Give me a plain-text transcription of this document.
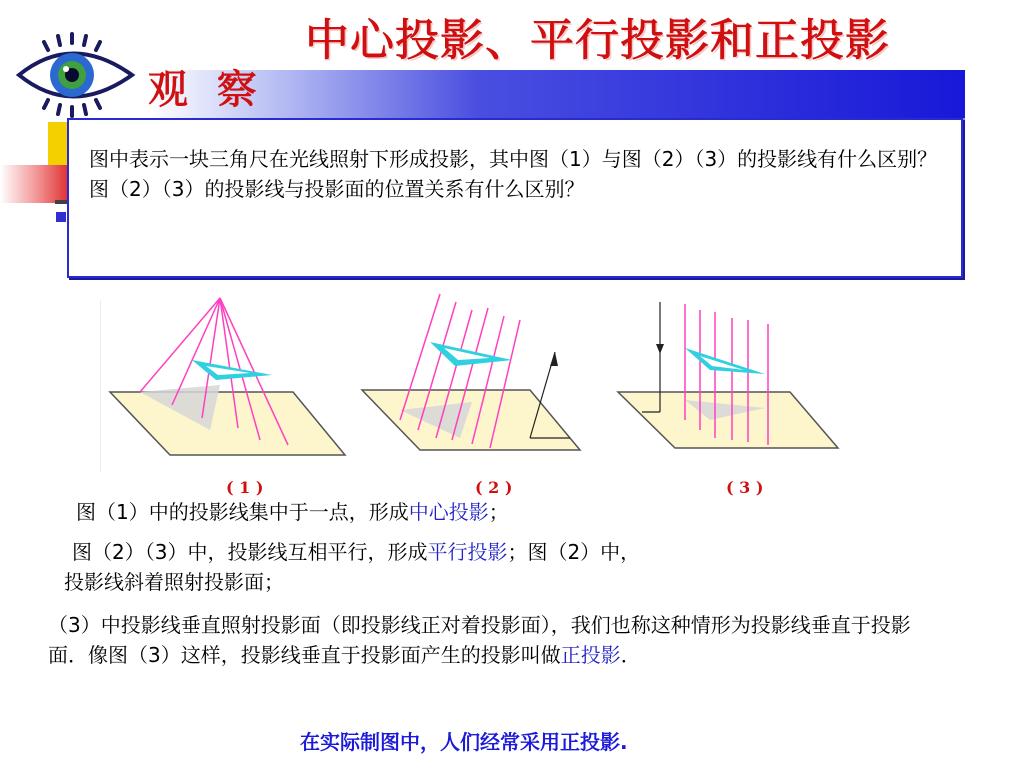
中心投影、平行投影和正投影
观 察
图中表示一块三角尺在光线照射下形成投影，其中图（1）与图（2）（3）的投影线有什么区别？图（2）（3）的投影线与投影面的位置关系有什么区别？
( 1 )	( 2 )	( 3 )
图（1）中的投影线集中于一点，形成中心投影；
图（2）（3）中，投影线互相平行，形成平行投影；图（2）中，
投影线斜着照射投影面；
（3）中投影线垂直照射投影面（即投影线正对着投影面），我们也称这种情形为投影线垂直于投影面．像图（3）这样，投影线垂直于投影面产生的投影叫做正投影．
在实际制图中，人们经常采用正投影.
